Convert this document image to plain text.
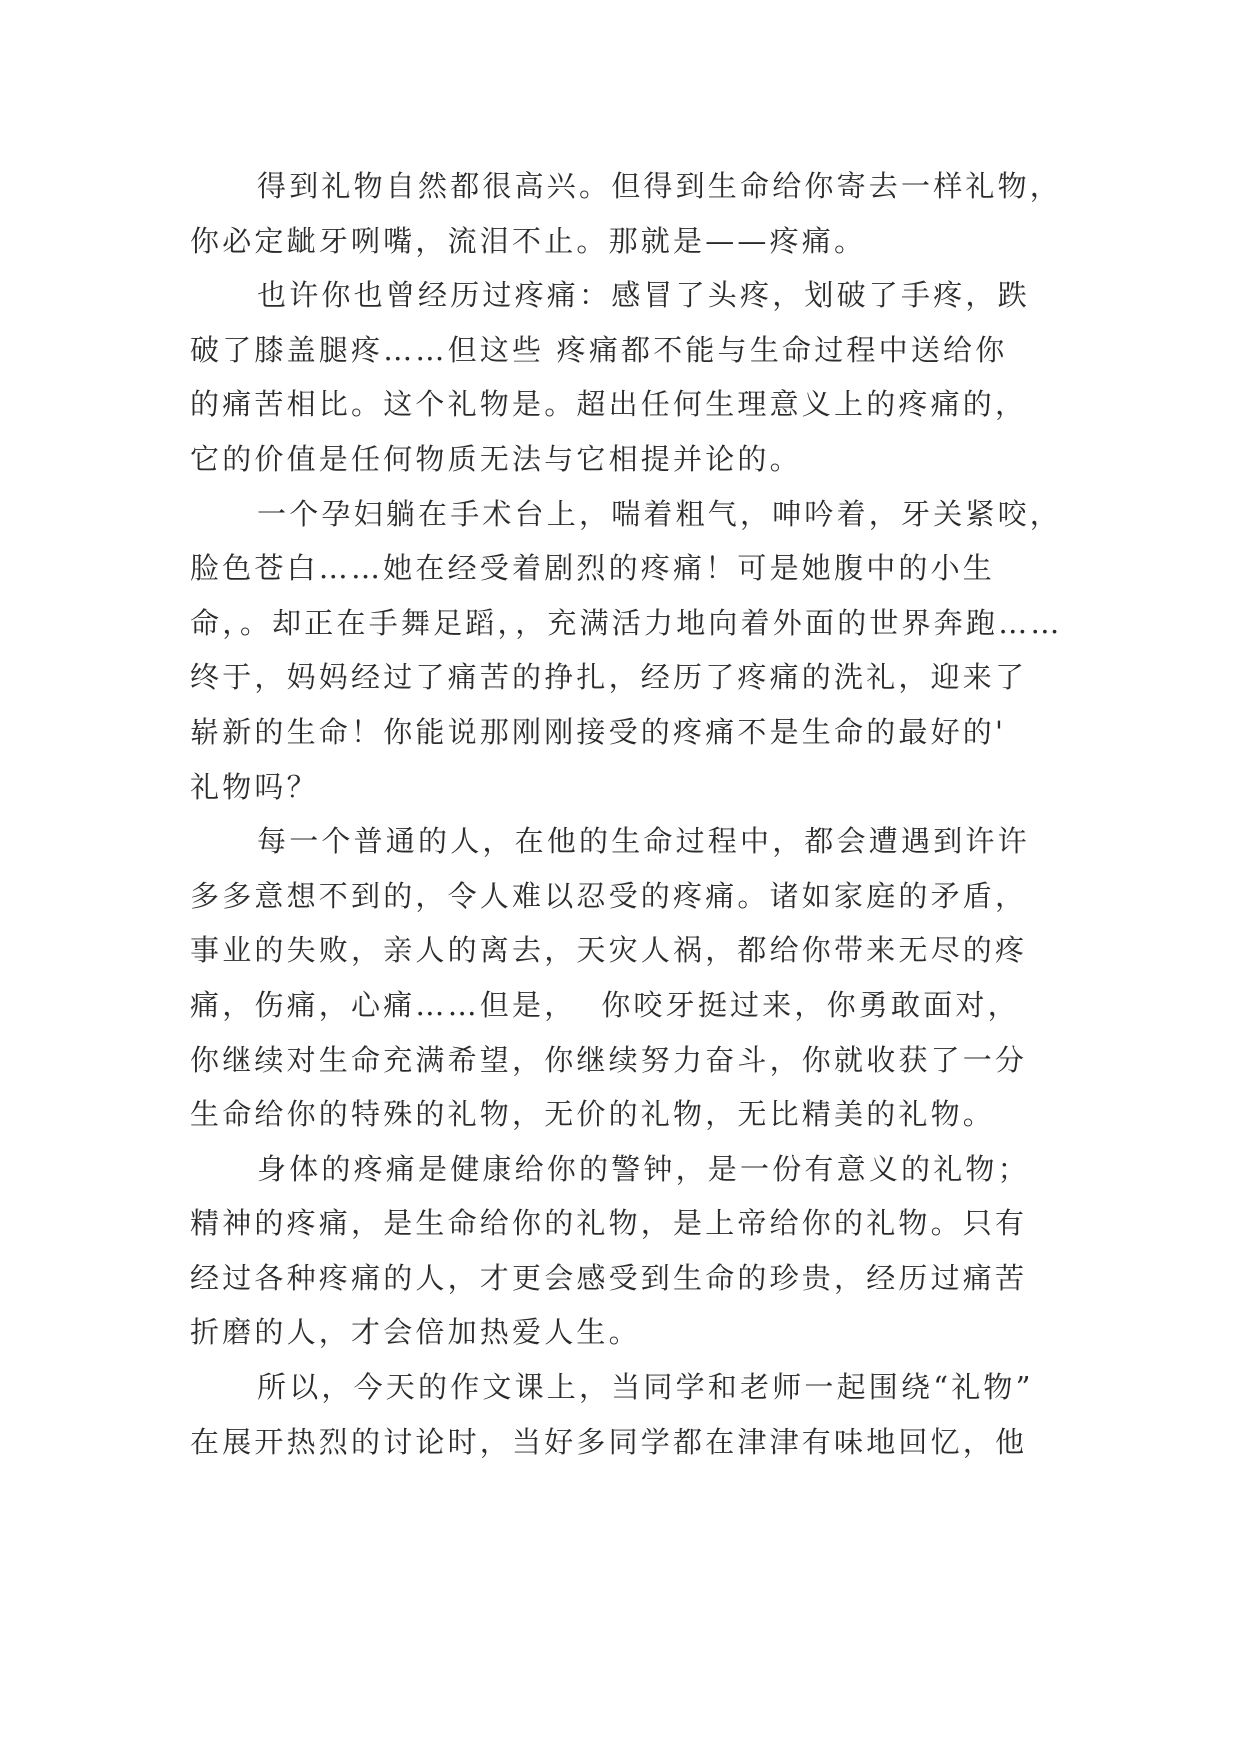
得到礼物自然都很高兴。但得到生命给你寄去一样礼物，
你必定龇牙咧嘴，流泪不止。那就是——疼痛。
也许你也曾经历过疼痛：感冒了头疼，划破了手疼，跌
破了膝盖腿疼……但这些 疼痛都不能与生命过程中送给你
的痛苦相比。这个礼物是。超出任何生理意义上的疼痛的，
它的价值是任何物质无法与它相提并论的。
一个孕妇躺在手术台上，喘着粗气，呻吟着，牙关紧咬，
脸色苍白……她在经受着剧烈的疼痛！可是她腹中的小生
命，。却正在手舞足蹈，，充满活力地向着外面的世界奔跑……
终于，妈妈经过了痛苦的挣扎，经历了疼痛的洗礼，迎来了
崭新的生命！你能说那刚刚接受的疼痛不是生命的最好的'
礼物吗？
每一个普通的人，在他的生命过程中，都会遭遇到许许
多多意想不到的，令人难以忍受的疼痛。诸如家庭的矛盾，
事业的失败，亲人的离去，天灾人祸，都给你带来无尽的疼
痛，伤痛，心痛……但是，  你咬牙挺过来，你勇敢面对，
你继续对生命充满希望，你继续努力奋斗，你就收获了一分
生命给你的特殊的礼物，无价的礼物，无比精美的礼物。
身体的疼痛是健康给你的警钟，是一份有意义的礼物；
精神的疼痛，是生命给你的礼物，是上帝给你的礼物。只有
经过各种疼痛的人，才更会感受到生命的珍贵，经历过痛苦
折磨的人，才会倍加热爱人生。
所以，今天的作文课上，当同学和老师一起围绕“礼物”
在展开热烈的讨论时，当好多同学都在津津有味地回忆，他
